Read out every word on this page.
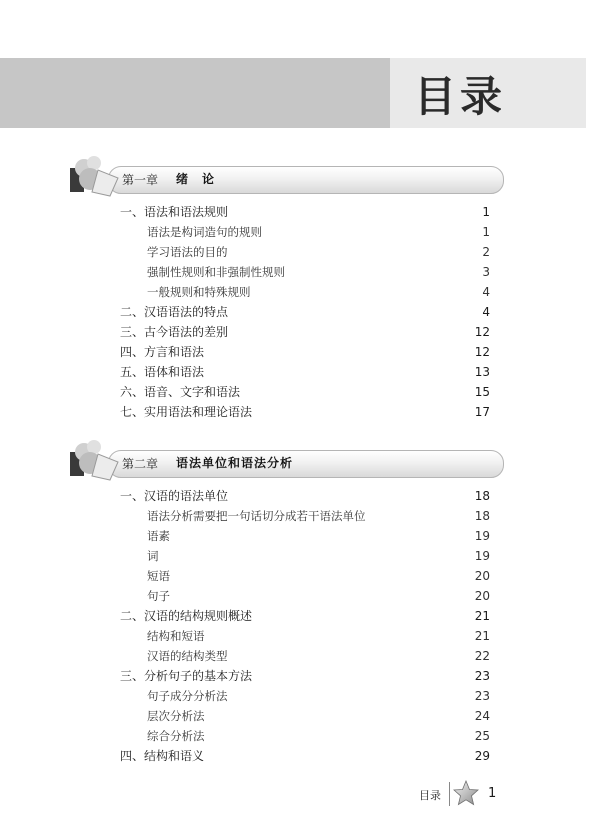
目录
第一章 绪　论
第二章 语法单位和语法分析
一、语法和语法规则	1
语法是构词造句的规则	1
学习语法的目的	2
强制性规则和非强制性规则	3
一般规则和特殊规则	4
二、汉语语法的特点	4
三、古今语法的差别	12
四、方言和语法	12
五、语体和语法	13
六、语音、文字和语法	15
七、实用语法和理论语法	17
一、汉语的语法单位	18
语法分析需要把一句话切分成若干语法单位	18
语素	19
词	19
短语	20
句子	20
二、汉语的结构规则概述	21
结构和短语	21
汉语的结构类型	22
三、分析句子的基本方法	23
句子成分分析法	23
层次分析法	24
综合分析法	25
四、结构和语义	29
目录	1
